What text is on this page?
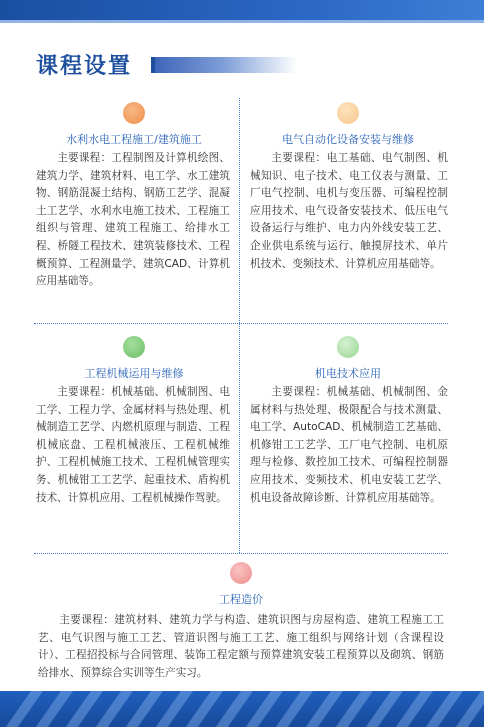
课程设置
水利水电工程施工/建筑施工
主要课程：工程制图及计算机绘图、建筑力学、建筑材料、电工学、水工建筑物、钢筋混凝土结构、钢筋工艺学、混凝土工艺学、水利水电施工技术、工程施工组织与管理、建筑工程施工、给排水工程、桥隧工程技术、建筑装修技术、工程概预算、工程测量学、建筑CAD、计算机应用基础等。
电气自动化设备安装与维修
主要课程：电工基础、电气制图、机械知识、电子技术、电工仪表与测量、工厂电气控制、电机与变压器、可编程控制应用技术、电气设备安装技术、低压电气设备运行与维护、电力内外线安装工艺、企业供电系统与运行、触摸屏技术、单片机技术、变频技术、计算机应用基础等。
工程机械运用与维修
主要课程：机械基础、机械制图、电工学、工程力学、金属材料与热处理、机械制造工艺学、内燃机原理与制造、工程机械底盘、工程机械液压、工程机械维护、工程机械施工技术、工程机械管理实务、机械钳工工艺学、起重技术、盾构机技术、计算机应用、工程机械操作驾驶。
机电技术应用
主要课程：机械基础、机械制图、金属材料与热处理、极限配合与技术测量、电工学、AutoCAD、机械制造工艺基础、机修钳工工艺学、工厂电气控制、电机原理与检修、数控加工技术、可编程控制器应用技术、变频技术、机电安装工艺学、机电设备故障诊断、计算机应用基础等。
工程造价
主要课程：建筑材料、建筑力学与构造、建筑识图与房屋构造、建筑工程施工工艺、电气识图与施工工艺、管道识图与施工工艺、施工组织与网络计划（含课程设计）、工程招投标与合同管理、装饰工程定额与预算建筑安装工程预算以及砌筑、钢筋给排水、预算综合实训等生产实习。
